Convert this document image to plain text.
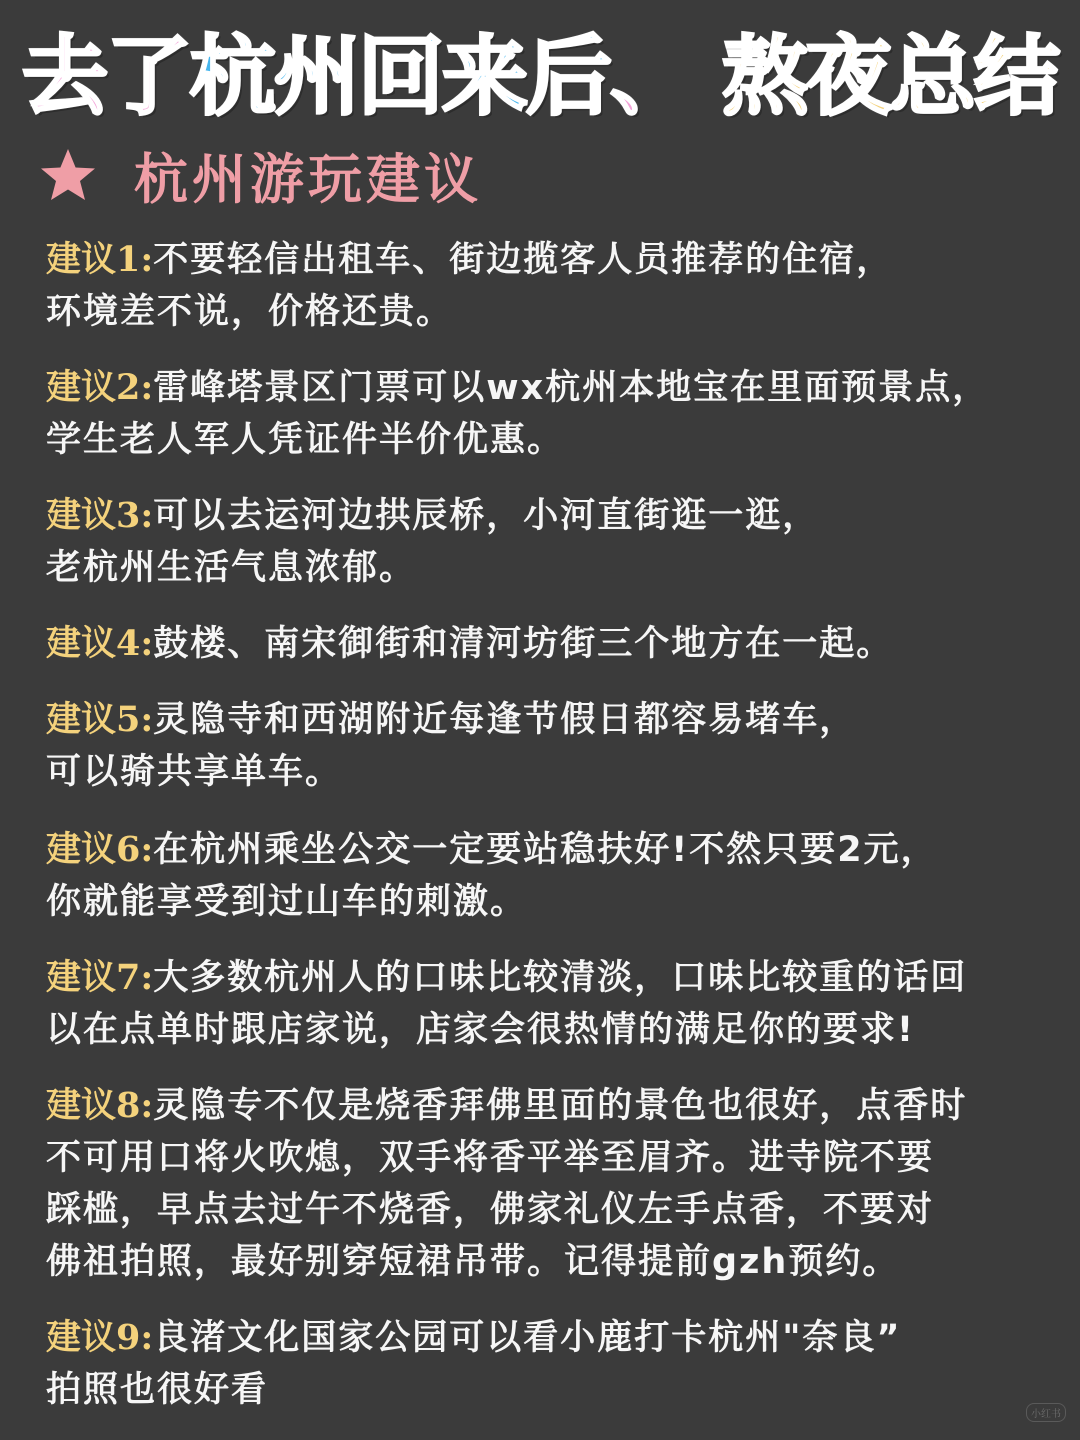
去了杭州回来后、 熬夜总结
杭州游玩建议
建议1:不要轻信出租车、街边揽客人员推荐的住宿，
环境差不说，价格还贵。
建议2:雷峰塔景区门票可以wx杭州本地宝在里面预景点，
学生老人军人凭证件半价优惠。
建议3:可以去运河边拱辰桥，小河直街逛一逛，
老杭州生活气息浓郁。
建议4:鼓楼、南宋御街和清河坊街三个地方在一起。
建议5:灵隐寺和西湖附近每逢节假日都容易堵车，
可以骑共享单车。
建议6:在杭州乘坐公交一定要站稳扶好!不然只要2元，
你就能享受到过山车的刺激。
建议7:大多数杭州人的口味比较清淡，口味比较重的话回
以在点单时跟店家说，店家会很热情的满足你的要求!
建议8:灵隐专不仅是烧香拜佛里面的景色也很好，点香时
不可用口将火吹熄，双手将香平举至眉齐。进寺院不要
踩槛，早点去过午不烧香，佛家礼仪左手点香，不要对
佛祖拍照，最好别穿短裙吊带。记得提前gzh预约。
建议9:良渚文化国家公园可以看小鹿打卡杭州"奈良”
拍照也很好看
小红书
